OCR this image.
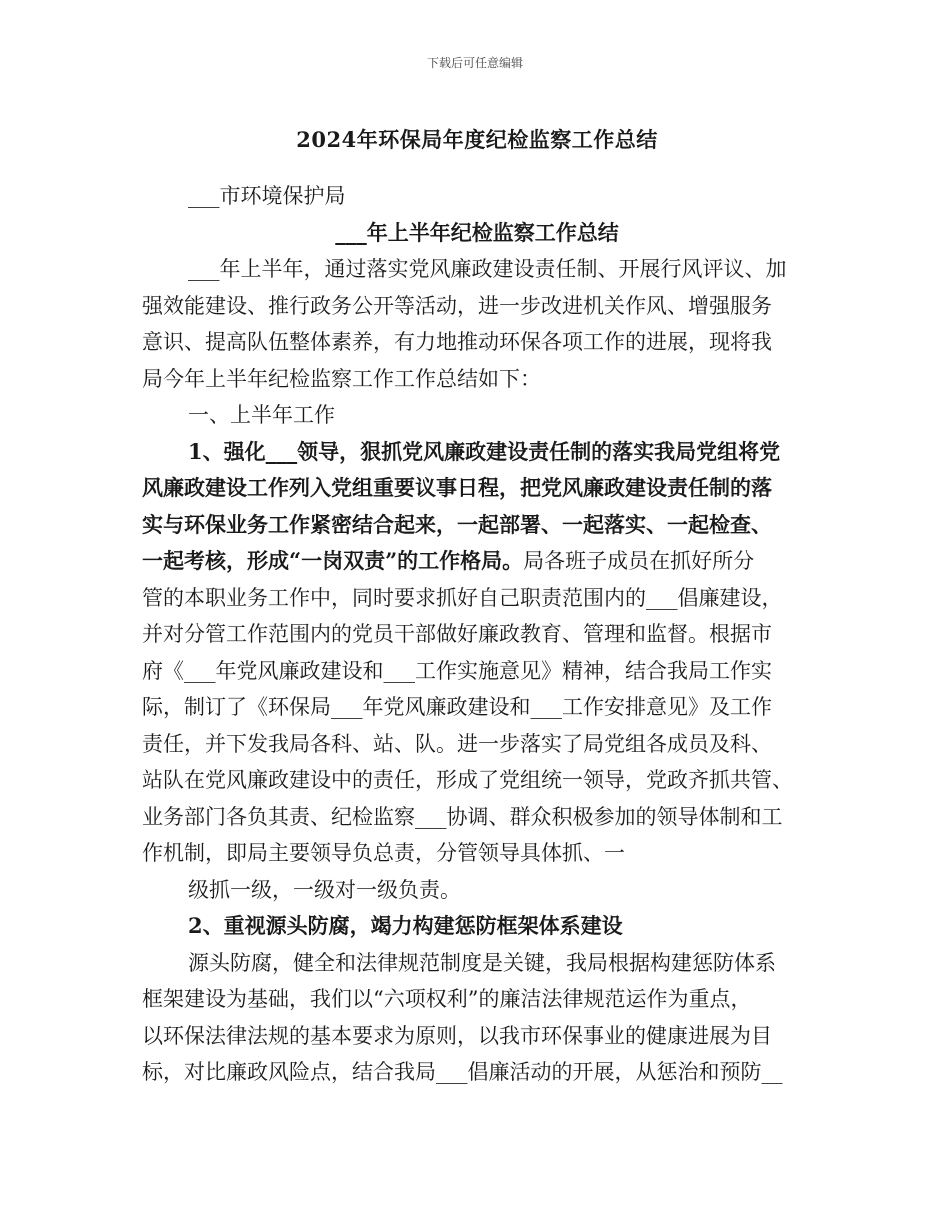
下载后可任意编辑
2024年环保局年度纪检监察工作总结
___市环境保护局
___年上半年纪检监察工作总结
___年上半年，通过落实党风廉政建设责任制、开展行风评议、加
强效能建设、推行政务公开等活动，进一步改进机关作风、增强服务
意识、提高队伍整体素养，有力地推动环保各项工作的进展，现将我
局今年上半年纪检监察工作工作总结如下：
一、上半年工作
1、强化___领导，狠抓党风廉政建设责任制的落实我局党组将党
风廉政建设工作列入党组重要议事日程，把党风廉政建设责任制的落
实与环保业务工作紧密结合起来，一起部署、一起落实、一起检查、
一起考核，形成“一岗双责”的工作格局。局各班子成员在抓好所分
管的本职业务工作中，同时要求抓好自己职责范围内的___倡廉建设，
并对分管工作范围内的党员干部做好廉政教育、管理和监督。根据市
府《___年党风廉政建设和___工作实施意见》精神，结合我局工作实
际，制订了《环保局___年党风廉政建设和___工作安排意见》及工作
责任，并下发我局各科、站、队。进一步落实了局党组各成员及科、
站队在党风廉政建设中的责任，形成了党组统一领导，党政齐抓共管、
业务部门各负其责、纪检监察___协调、群众积极参加的领导体制和工
作机制，即局主要领导负总责，分管领导具体抓、一
级抓一级，一级对一级负责。
2、重视源头防腐，竭力构建惩防框架体系建设
源头防腐，健全和法律规范制度是关键，我局根据构建惩防体系
框架建设为基础，我们以“六项权利”的廉洁法律规范运作为重点，
以环保法律法规的基本要求为原则，以我市环保事业的健康进展为目
标，对比廉政风险点，结合我局___倡廉活动的开展，从惩治和预防__
